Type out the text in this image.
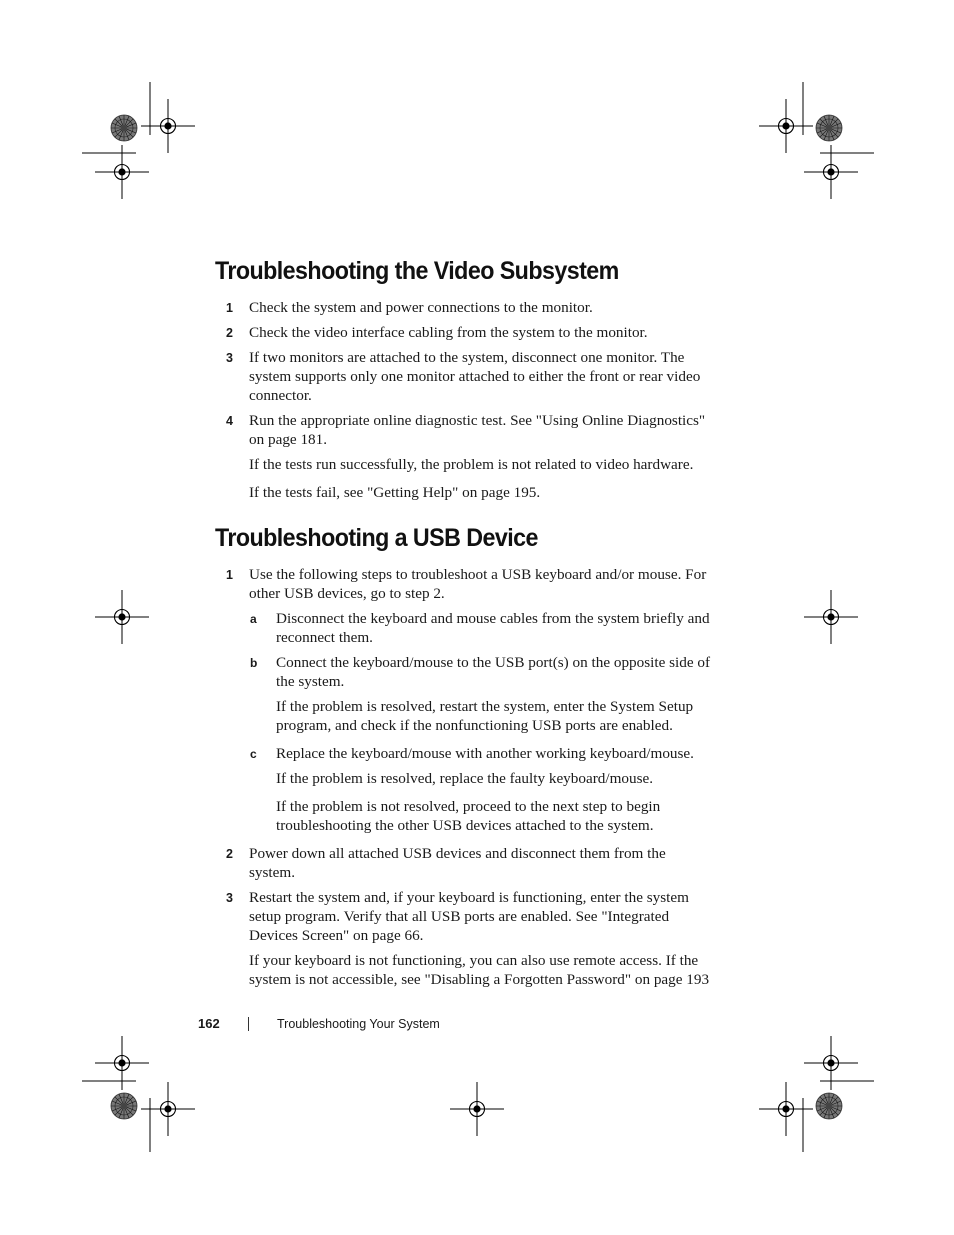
Troubleshooting the Video Subsystem
1 Check the system and power connections to the monitor.
2 Check the video interface cabling from the system to the monitor.
3 If two monitors are attached to the system, disconnect one monitor. The system supports only one monitor attached to either the front or rear video connector.
4 Run the appropriate online diagnostic test. See "Using Online Diagnostics" on page 181.
If the tests run successfully, the problem is not related to video hardware.
If the tests fail, see "Getting Help" on page 195.
Troubleshooting a USB Device
1 Use the following steps to troubleshoot a USB keyboard and/or mouse. For other USB devices, go to step 2.
a Disconnect the keyboard and mouse cables from the system briefly and reconnect them.
b Connect the keyboard/mouse to the USB port(s) on the opposite side of the system.
If the problem is resolved, restart the system, enter the System Setup program, and check if the nonfunctioning USB ports are enabled.
c Replace the keyboard/mouse with another working keyboard/mouse.
If the problem is resolved, replace the faulty keyboard/mouse.
If the problem is not resolved, proceed to the next step to begin troubleshooting the other USB devices attached to the system.
2 Power down all attached USB devices and disconnect them from the system.
3 Restart the system and, if your keyboard is functioning, enter the system setup program. Verify that all USB ports are enabled. See "Integrated Devices Screen" on page 66.
If your keyboard is not functioning, you can also use remote access. If the system is not accessible, see "Disabling a Forgotten Password" on page 193
162	Troubleshooting Your System
